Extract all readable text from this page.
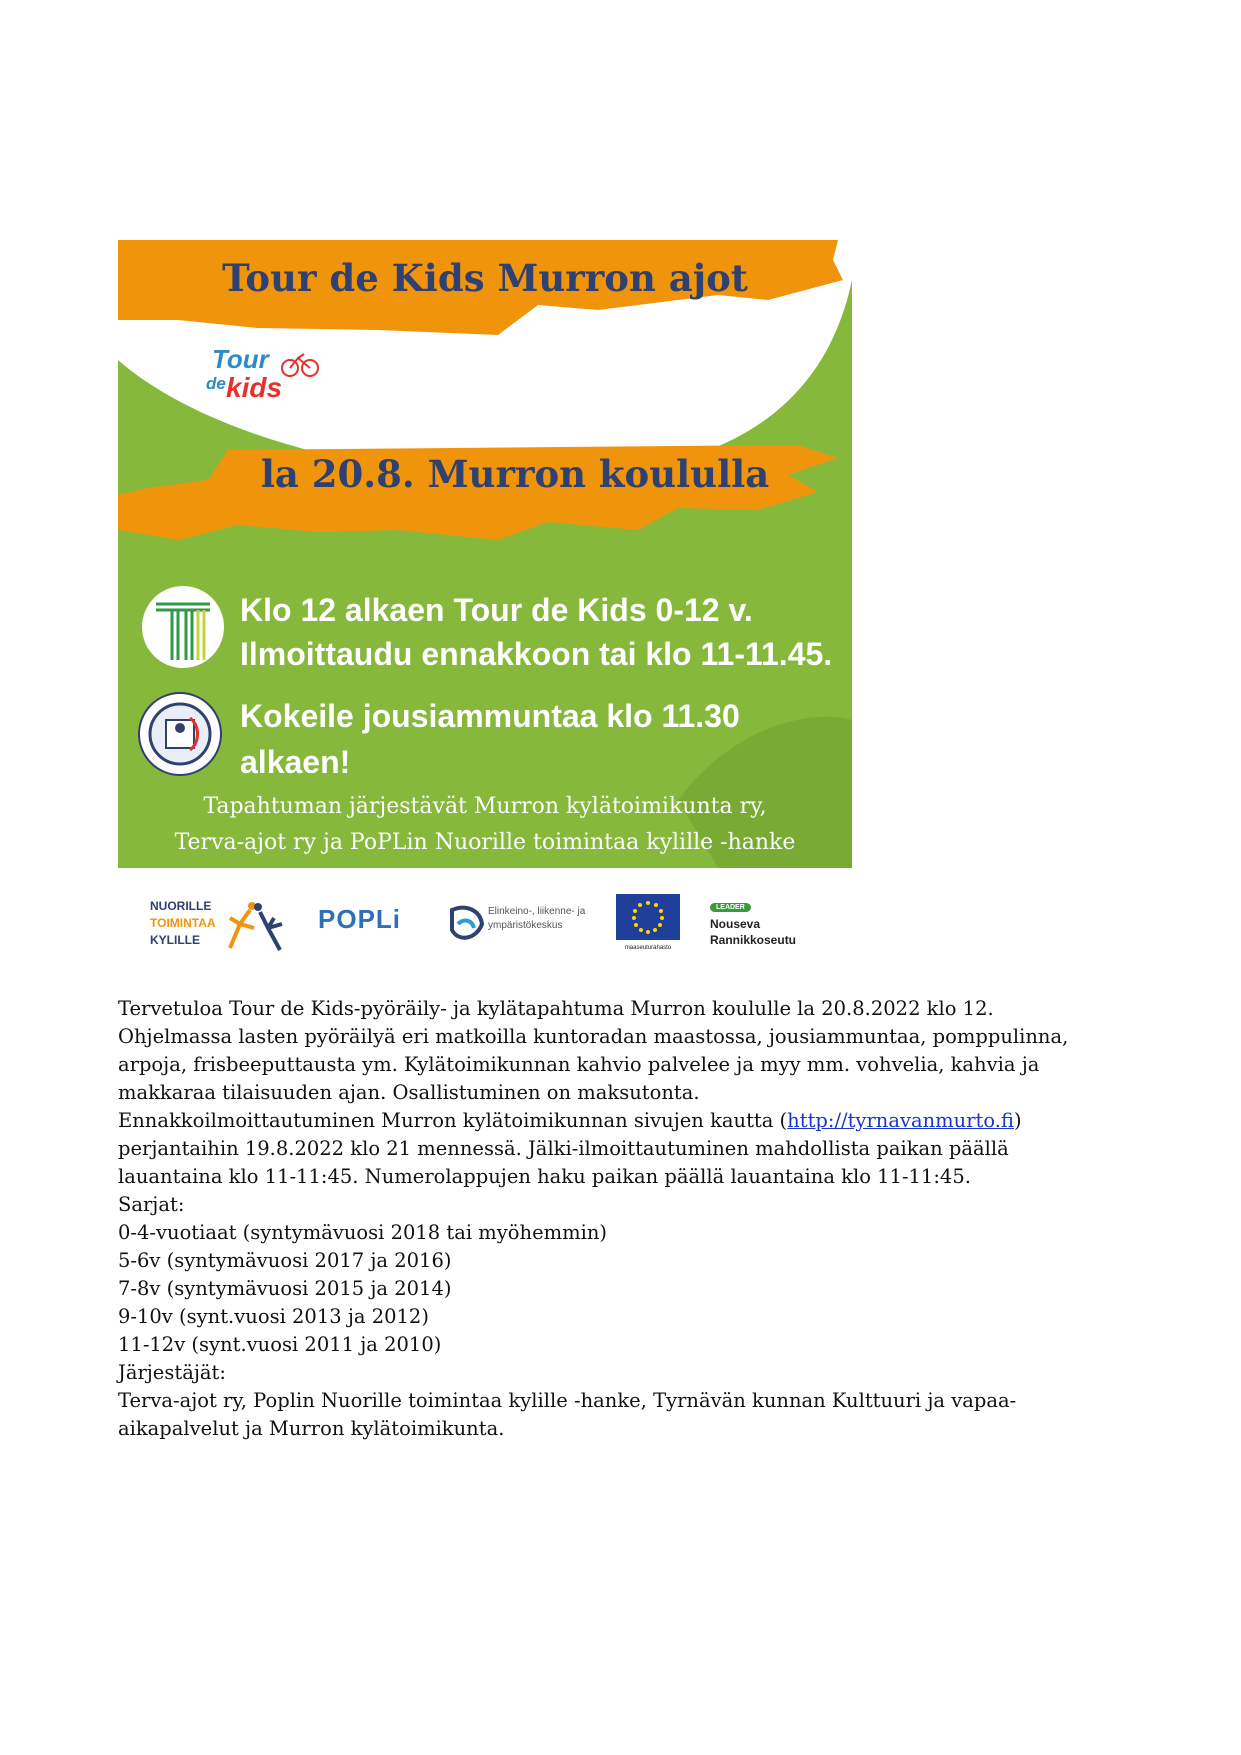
Tour de Kids Murron ajot
Tour
de kids
la 20.8. Murron koululla
Klo 12 alkaen Tour de Kids 0-12 v.
Ilmoittaudu ennakkoon tai klo 11-11.45.
Kokeile jousiammuntaa klo 11.30
alkaen!
Tapahtuman järjestävät Murron kylätoimikunta ry,
Terva-ajot ry ja PoPLin Nuorille toimintaa kylille -hanke
NUORILLE
TOIMINTAA
KYLILLE
POPLi	Elinkeino-, liikenne- ja
ympäristökeskus
maaseuturahasto
LEADER
Nouseva
Rannikkoseutu

Tervetuloa Tour de Kids-pyöräily- ja kylätapahtuma Murron koululle la 20.8.2022 klo 12.

Ohjelmassa lasten pyöräilyä eri matkoilla kuntoradan maastossa, jousiammuntaa, pomppulinna,

arpoja, frisbeeputtausta ym. Kylätoimikunnan kahvio palvelee ja myy mm. vohvelia, kahvia ja

makkaraa tilaisuuden ajan. Osallistuminen on maksutonta.

Ennakkoilmoittautuminen Murron kylätoimikunnan sivujen kautta (http://tyrnavanmurto.fi)

perjantaihin 19.8.2022 klo 21 mennessä. Jälki-ilmoittautuminen mahdollista paikan päällä

lauantaina klo 11-11:45. Numerolappujen haku paikan päällä lauantaina klo 11-11:45.

Sarjat:

0-4-vuotiaat (syntymävuosi 2018 tai myöhemmin)

5-6v (syntymävuosi 2017 ja 2016)

7-8v (syntymävuosi 2015 ja 2014)

9-10v (synt.vuosi 2013 ja 2012)

11-12v (synt.vuosi 2011 ja 2010)

Järjestäjät:

Terva-ajot ry, Poplin Nuorille toimintaa kylille -hanke, Tyrnävän kunnan Kulttuuri ja vapaa-

aikapalvelut ja Murron kylätoimikunta.
